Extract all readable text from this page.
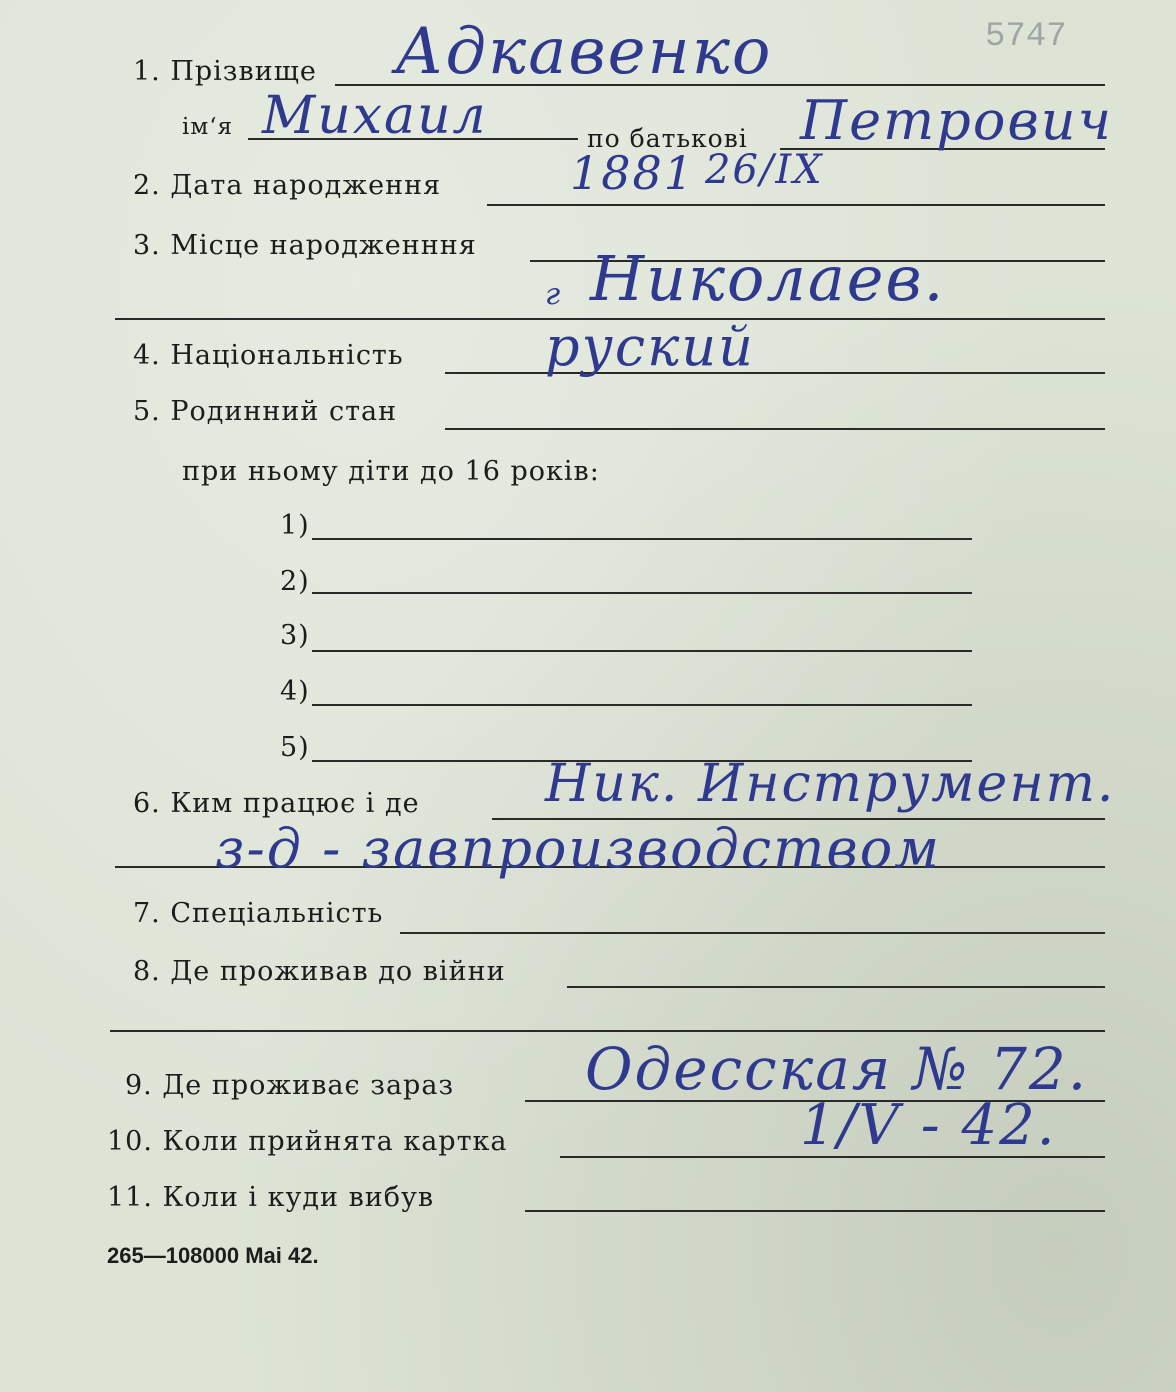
5747
1. Прізвище Адкавенко
ім‘я Михаил	по батькові Петрович
2. Дата народження	1881 26/IX
3. Місце народженння
г Николаев.
4. Національність	руский
5. Родинний стан
при ньому діти до 16 років:
1)
2)
3)
4)
5)
6. Ким працює і де Ник. Инструмент.
з-д - завпроизводством
7. Спеціальність
8. Де проживав до війни
9. Де проживає зараз Одесская № 72.
10. Коли прийнята картка	1/V - 42.
11. Коли і куди вибув
265—108000 Mai 42.
